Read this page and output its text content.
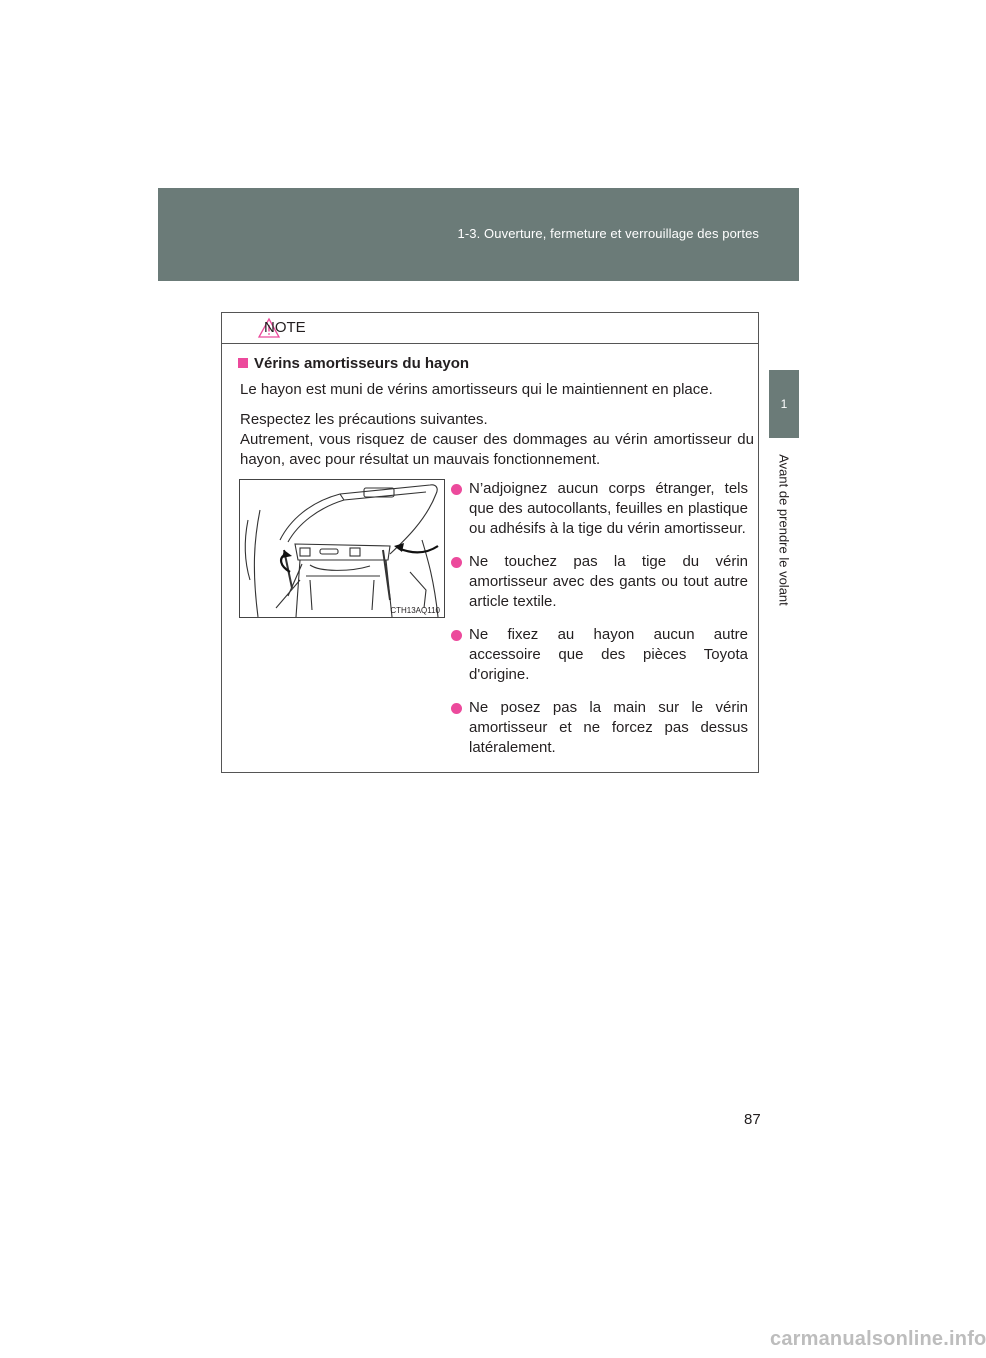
1-3. Ouverture, fermeture et verrouillage des portes
1
Avant de prendre le volant
NOTE
Vérins amortisseurs du hayon
Le hayon est muni de vérins amortisseurs qui le maintiennent en place.
Respectez les précautions suivantes.
Autrement, vous risquez de causer des dommages au vérin amortisseur du hayon, avec pour résultat un mauvais fonctionnement.
CTH13AQ110
N’adjoignez aucun corps étranger, tels que des autocollants, feuilles en plastique ou adhésifs à la tige du vérin amortisseur.
Ne touchez pas la tige du vérin amortisseur avec des gants ou tout autre article textile.
Ne fixez au hayon aucun autre accessoire que des pièces Toyota d'origine.
Ne posez pas la main sur le vérin amortisseur et ne forcez pas dessus latéralement.
87
carmanualsonline.info
